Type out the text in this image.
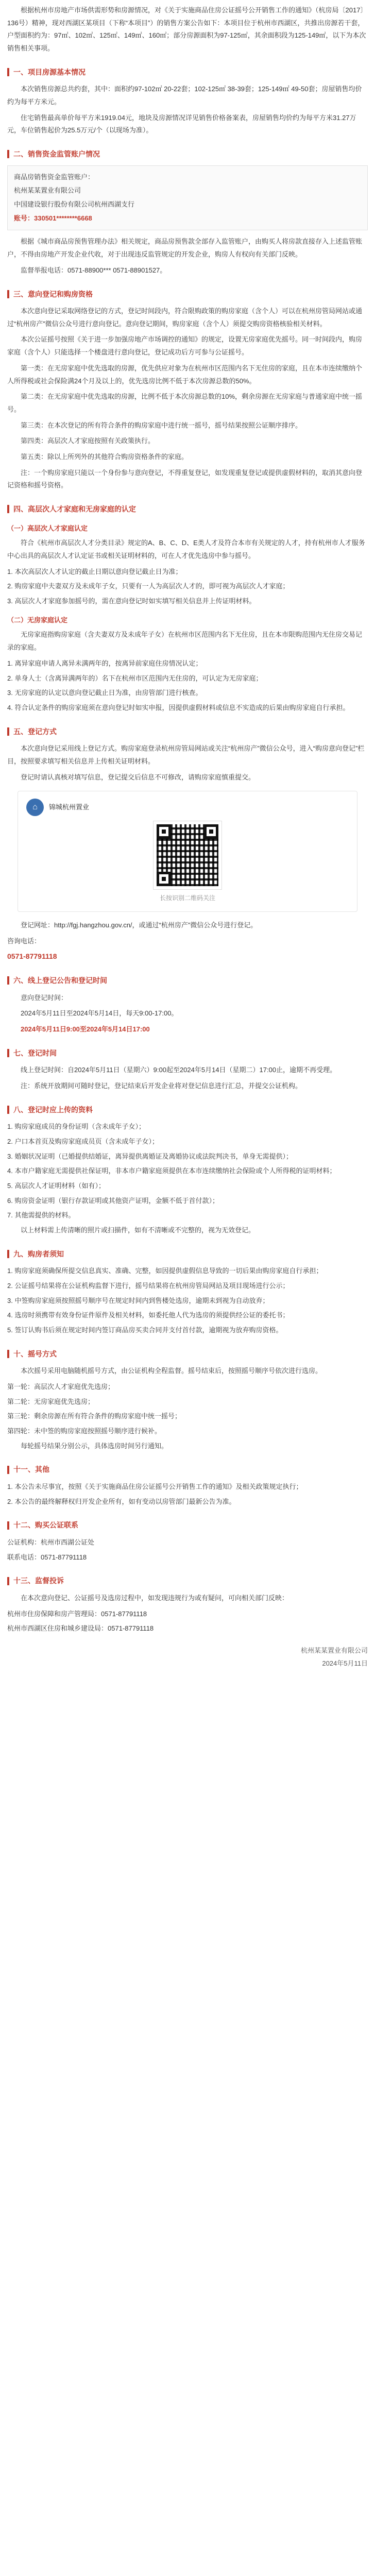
根据杭州市房地产市场供需形势和房源情况，对《关于实施商品住房公证摇号公开销售工作的通知》（杭房局〔2017〕136号）精神，现对西湖区某项目（下称“本项目”）的销售方案公告如下：本项目位于杭州市西湖区，共推出房源若干套，户型面积约为：97㎡、102㎡、125㎡、149㎡、160㎡；部分房源面积为97-125㎡，其余面积段为125-149㎡，以下为本次销售相关事项。

一、项目房源基本情况

本次销售房源总共约套，其中：面积约97-102㎡ 20-22套；102-125㎡ 38-39套；125-149㎡ 49-50套；房屋销售均价约为每平方米元。

住宅销售最高单价每平方米1919.04元，地块及房源情况详见销售价格备案表，房屋销售均价约为每平方米31.27万元，车位销售起价为25.5万元/个（以现场为准）。

二、销售资金监管账户情况
商品房销售资金监管账户：
杭州某某置业有限公司
中国建设银行股份有限公司杭州西湖支行
账号：330501********6668

根据《城市商品房预售管理办法》相关规定，商品房预售款全部存入监管账户，由购买人将房款直接存入上述监管账户，不得由房地产开发企业代收，对于出现违反监管规定的开发企业，购房人有权向有关部门反映。

监督举报电话：0571-88900*** 0571-88901527。

三、意向登记和购房资格

本次意向登记采取网络登记的方式，登记时间段内，符合限购政策的购房家庭（含个人）可以在杭州房管局网站或通过“杭州房产”微信公众号进行意向登记。意向登记期间，购房家庭（含个人）须提交购房资格核验相关材料。

本次公证摇号按照《关于进一步加强房地产市场调控的通知》的规定，设置无房家庭优先摇号。同一时间段内，购房家庭（含个人）只能选择一个楼盘进行意向登记，登记成功后方可参与公证摇号。

第一类：在无房家庭中优先选取的房源，优先供应对象为在杭州市区范围内名下无住房的家庭，且在本市连续缴纳个人所得税或社会保险满24个月及以上的，优先选房比例不低于本次房源总数的50%。

第二类：在无房家庭中优先选取的房源，比例不低于本次房源总数的10%，剩余房源在无房家庭与普通家庭中统一摇号。

第三类：在本次登记的所有符合条件的购房家庭中进行统一摇号，摇号结果按照公证顺序排序。

第四类：高层次人才家庭按照有关政策执行。

第五类：除以上所列外的其他符合购房资格条件的家庭。

注：一个购房家庭只能以一个身份参与意向登记，不得重复登记，如发现重复登记或提供虚假材料的，取消其意向登记资格和摇号资格。

四、高层次人才家庭和无房家庭的认定
（一）高层次人才家庭认定

符合《杭州市高层次人才分类目录》规定的A、B、C、D、E类人才及符合本市有关规定的人才，持有杭州市人才服务中心出具的高层次人才认定证书或相关证明材料的，可在人才优先选房中参与摇号。

1. 本次高层次人才认定的截止日期以意向登记截止日为准；

2. 购房家庭中夫妻双方及未成年子女，只要有一人为高层次人才的，即可视为高层次人才家庭；

3. 高层次人才家庭参加摇号的，需在意向登记时如实填写相关信息并上传证明材料。

（二）无房家庭认定

无房家庭指购房家庭（含夫妻双方及未成年子女）在杭州市区范围内名下无住房，且在本市限购范围内无住房交易记录的家庭。

1. 离异家庭申请人离异未满两年的，按离异前家庭住房情况认定；

2. 单身人士（含离异满两年的）名下在杭州市区范围内无住房的，可认定为无房家庭；

3. 无房家庭的认定以意向登记截止日为准，由房管部门进行核查。

4. 符合认定条件的购房家庭须在意向登记时如实申报，因提供虚假材料或信息不实造成的后果由购房家庭自行承担。

五、登记方式

本次意向登记采用线上登记方式。购房家庭登录杭州房管局网站或关注“杭州房产”微信公众号，进入“购房意向登记”栏目，按照要求填写相关信息并上传相关证明材料。

登记时请认真核对填写信息，登记提交后信息不可修改，请购房家庭慎重提交。

⌂	锦城杭州置业
长按识别二维码关注

登记网址：http://fgj.hangzhou.gov.cn/，或通过“杭州房产”微信公众号进行登记。

咨询电话：

0571-87791118

六、线上登记公告和登记时间

意向登记时间：

2024年5月11日至2024年5月14日，每天9:00-17:00。

2024年5月11日9:00至2024年5月14日17:00

七、登记时间

线上登记时间：自2024年5月11日（星期六）9:00起至2024年5月14日（星期二）17:00止，逾期不再受理。

注：系统开放期间可随时登记，登记结束后开发企业将对登记信息进行汇总，并提交公证机构。

八、登记时应上传的资料

1. 购房家庭成员的身份证明（含未成年子女）；

2. 户口本首页及购房家庭成员页（含未成年子女）；

3. 婚姻状况证明（已婚提供结婚证，离异提供离婚证及离婚协议或法院判决书，单身无需提供）；

4. 本市户籍家庭无需提供社保证明，非本市户籍家庭须提供在本市连续缴纳社会保险或个人所得税的证明材料；

5. 高层次人才证明材料（如有）；

6. 购房资金证明（银行存款证明或其他资产证明，金额不低于首付款）；

7. 其他需提供的材料。

以上材料需上传清晰的照片或扫描件，如有不清晰或不完整的，视为无效登记。

九、购房者须知

1. 购房家庭须确保所提交信息真实、准确、完整，如因提供虚假信息导致的一切后果由购房家庭自行承担；

2. 公证摇号结果将在公证机构监督下进行，摇号结果将在杭州房管局网站及项目现场进行公示；

3. 中签购房家庭须按照摇号顺序号在规定时间内到售楼处选房，逾期未到视为自动放弃；

4. 选房时须携带有效身份证件原件及相关材料，如委托他人代为选房的须提供经公证的委托书；

5. 签订认购书后须在规定时间内签订商品房买卖合同并支付首付款，逾期视为放弃购房资格。

十、摇号方式

本次摇号采用电脑随机摇号方式，由公证机构全程监督。摇号结束后，按照摇号顺序号依次进行选房。

第一轮：高层次人才家庭优先选房；

第二轮：无房家庭优先选房；

第三轮：剩余房源在所有符合条件的购房家庭中统一摇号；

第四轮：未中签的购房家庭按照摇号顺序进行候补。

每轮摇号结果分别公示，具体选房时间另行通知。

十一、其他

1. 本公告未尽事宜，按照《关于实施商品住房公证摇号公开销售工作的通知》及相关政策规定执行；

2. 本公告的最终解释权归开发企业所有，如有变动以房管部门最新公告为准。

十二、购买公证联系

公证机构：杭州市西湖公证处

联系电话：0571-87791118

十三、监督投诉

在本次意向登记、公证摇号及选房过程中，如发现违规行为或有疑问，可向相关部门反映：

杭州市住房保障和房产管理局：0571-87791118

杭州市西湖区住房和城乡建设局：0571-87791118

杭州某某置业有限公司
2024年5月11日
